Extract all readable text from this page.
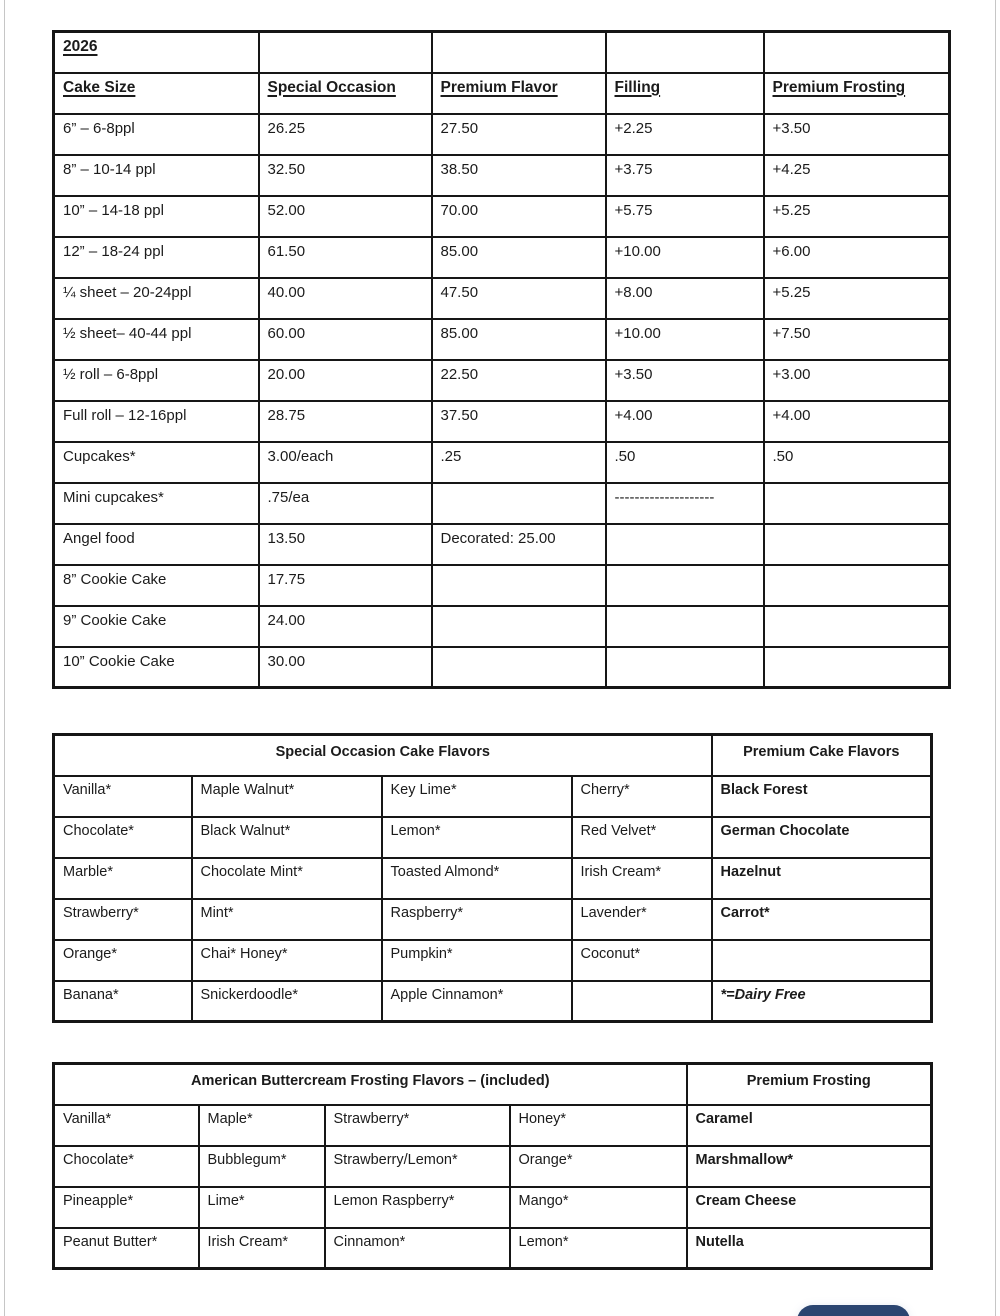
2026				
Cake Size	Special Occasion	Premium Flavor	Filling	Premium Frosting
6” – 6-8ppl	26.25	27.50	+2.25	+3.50
8” – 10-14 ppl	32.50	38.50	+3.75	+4.25
10” – 14-18 ppl	52.00	70.00	+5.75	+5.25
12” – 18-24 ppl	61.50	85.00	+10.00	+6.00
¼ sheet – 20-24ppl	40.00	47.50	+8.00	+5.25
½ sheet– 40-44 ppl	60.00	85.00	+10.00	+7.50
½ roll – 6-8ppl	20.00	22.50	+3.50	+3.00
Full roll – 12-16ppl	28.75	37.50	+4.00	+4.00
Cupcakes*	3.00/each	.25	.50	.50
Mini cupcakes*	.75/ea		--------------------	
Angel food	13.50	Decorated: 25.00		
8” Cookie Cake	17.75			
9” Cookie Cake	24.00			
10” Cookie Cake	30.00			
Special Occasion Cake Flavors				Premium Cake Flavors
Vanilla*	Maple Walnut*	Key Lime*	Cherry*	Black Forest
Chocolate*	Black Walnut*	Lemon*	Red Velvet*	German Chocolate
Marble*	Chocolate Mint*	Toasted Almond*	Irish Cream*	Hazelnut
Strawberry*	Mint*	Raspberry*	Lavender*	Carrot*
Orange*	Chai* Honey*	Pumpkin*	Coconut*	
Banana*	Snickerdoodle*	Apple Cinnamon*		*=Dairy Free
American Buttercream Frosting Flavors – (included)				Premium Frosting
Vanilla*	Maple*	Strawberry*	Honey*	Caramel
Chocolate*	Bubblegum*	Strawberry/Lemon*	Orange*	Marshmallow*
Pineapple*	Lime*	Lemon Raspberry*	Mango*	Cream Cheese
Peanut Butter*	Irish Cream*	Cinnamon*	Lemon*	Nutella
